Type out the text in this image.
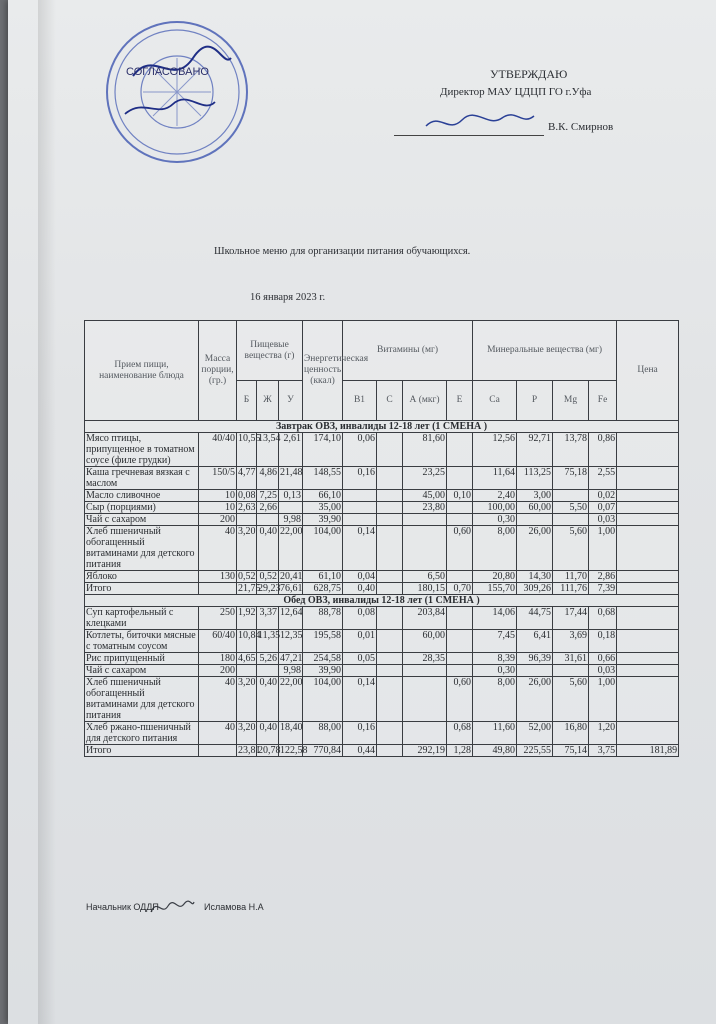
СОГЛАСОВАНО	УТВЕРЖДАЮ
Директор МАУ ЦДЦП ГО г.Уфа
В.К. Смирнов
Школьное меню для организации питания обучающихся.
16 января 2023 г.
Прием пищи, наименование блюда	Масса порции, (гр.)	Пищевые вещества (г)			Энергетическая ценность (ккал)	Витамины (мг)				Минеральные вещества (мг)				Цена
		Б	Ж	У		B1	C	А (мкг)	Е	Ca	P	Mg	Fe	
Завтрак ОВЗ, инвалиды 12-18 лет (1 СМЕНА )														
Мясо птицы, припущенное в томатном соусе (филе грудки)	40/40	10,55	13,54	2,61	174,10	0,06		81,60		12,56	92,71	13,78	0,86	
Каша гречневая вязкая с маслом	150/5	4,77	4,86	21,48	148,55	0,16		23,25		11,64	113,25	75,18	2,55	
Масло сливочное	10	0,08	7,25	0,13	66,10			45,00	0,10	2,40	3,00		0,02	
Сыр (порциями)	10	2,63	2,66		35,00			23,80		100,00	60,00	5,50	0,07	
Чай с сахаром	200			9,98	39,90					0,30			0,03	
Хлеб пшеничный обогащенный витаминами для детского питания	40	3,20	0,40	22,00	104,00	0,14			0,60	8,00	26,00	5,60	1,00	
Яблоко	130	0,52	0,52	20,41	61,10	0,04		6,50		20,80	14,30	11,70	2,86	
Итого		21,75	29,23	76,61	628,75	0,40		180,15	0,70	155,70	309,26	111,76	7,39	
Обед ОВЗ, инвалиды 12-18 лет (1 СМЕНА )														
Суп картофельный с клецками	250	1,92	3,37	12,64	88,78	0,08		203,84		14,06	44,75	17,44	0,68	
Котлеты, биточки мясные с томатным соусом	60/40	10,84	11,35	12,35	195,58	0,01		60,00		7,45	6,41	3,69	0,18	
Рис припущенный	180	4,65	5,26	47,21	254,58	0,05		28,35		8,39	96,39	31,61	0,66	
Чай с сахаром	200			9,98	39,90					0,30			0,03	
Хлеб пшеничный обогащенный витаминами для детского питания	40	3,20	0,40	22,00	104,00	0,14			0,60	8,00	26,00	5,60	1,00	
Хлеб ржано-пшеничный для детского питания	40	3,20	0,40	18,40	88,00	0,16			0,68	11,60	52,00	16,80	1,20	
Итого		23,81	20,78	122,58	770,84	0,44		292,19	1,28	49,80	225,55	75,14	3,75	181,89
Начальник ОДДП	Исламова Н.А
